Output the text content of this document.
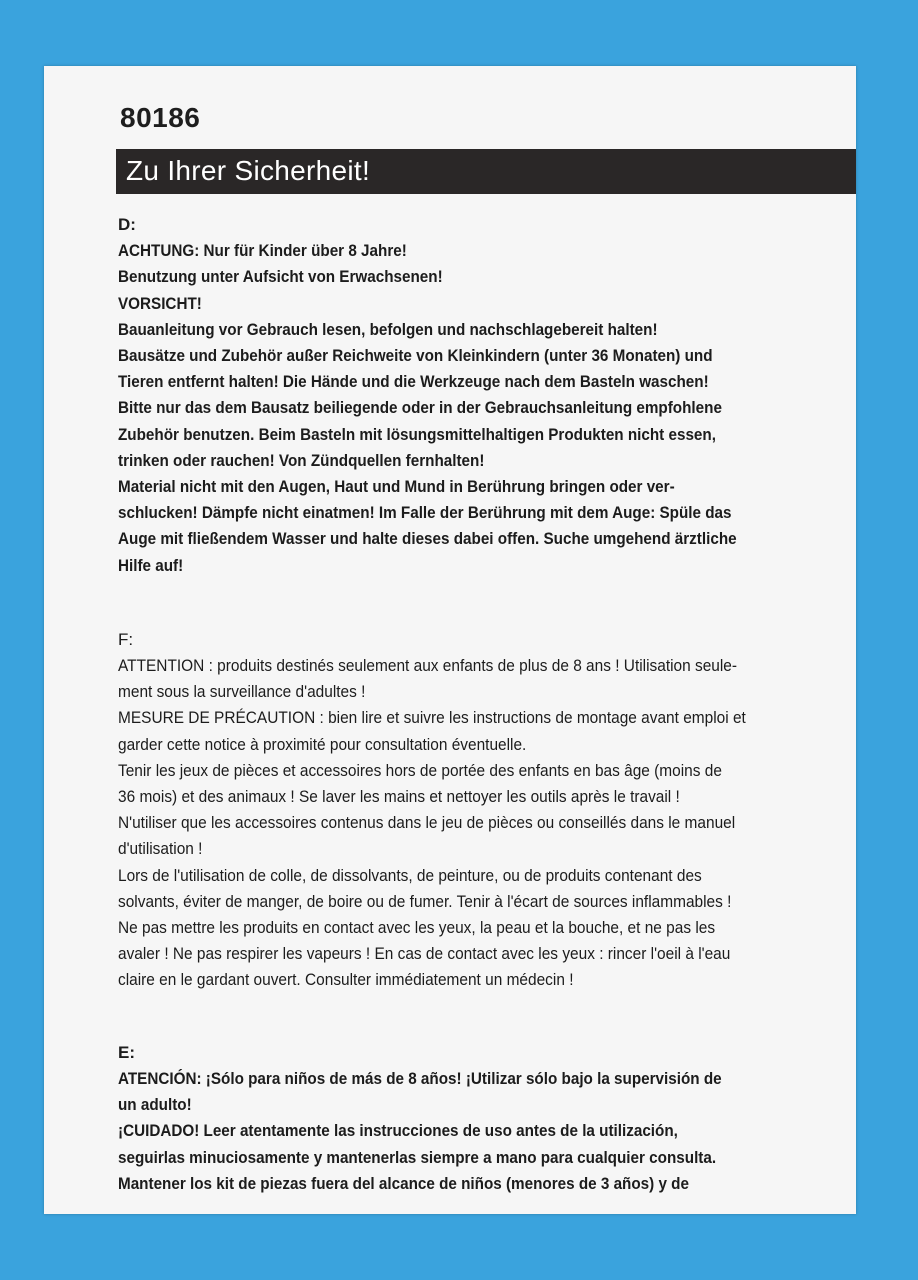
80186
Zu Ihrer Sicherheit!
D:
ACHTUNG: Nur für Kinder über 8 Jahre!
Benutzung unter Aufsicht von Erwachsenen!
VORSICHT!
Bauanleitung vor Gebrauch lesen, befolgen und nachschlagebereit halten!
Bausätze und Zubehör außer Reichweite von Kleinkindern (unter 36 Monaten) und
Tieren entfernt halten! Die Hände und die Werkzeuge nach dem Basteln waschen!
Bitte nur das dem Bausatz beiliegende oder in der Gebrauchsanleitung empfohlene
Zubehör benutzen. Beim Basteln mit lösungsmittelhaltigen Produkten nicht essen,
trinken oder rauchen! Von Zündquellen fernhalten!
Material nicht mit den Augen, Haut und Mund in Berührung bringen oder ver-
schlucken! Dämpfe nicht einatmen! Im Falle der Berührung mit dem Auge: Spüle das
Auge mit fließendem Wasser und halte dieses dabei offen. Suche umgehend ärztliche
Hilfe auf!
F:
ATTENTION : produits destinés seulement aux enfants de plus de 8 ans ! Utilisation seule-
ment sous la surveillance d'adultes !
MESURE DE PRÉCAUTION : bien lire et suivre les instructions de montage avant emploi et
garder cette notice à proximité pour consultation éventuelle.
Tenir les jeux de pièces et accessoires hors de portée des enfants en bas âge (moins de
36 mois) et des animaux ! Se laver les mains et nettoyer les outils après le travail !
N'utiliser que les accessoires contenus dans le jeu de pièces ou conseillés dans le manuel
d'utilisation !
Lors de l'utilisation de colle, de dissolvants, de peinture, ou de produits contenant des
solvants, éviter de manger, de boire ou de fumer. Tenir à l'écart de sources inflammables !
Ne pas mettre les produits en contact avec les yeux, la peau et la bouche, et ne pas les
avaler ! Ne pas respirer les vapeurs ! En cas de contact avec les yeux : rincer l'oeil à l'eau
claire en le gardant ouvert. Consulter immédiatement un médecin !
E:
ATENCIÓN: ¡Sólo para niños de más de 8 años! ¡Utilizar sólo bajo la supervisión de
un adulto!
¡CUIDADO! Leer atentamente las instrucciones de uso antes de la utilización,
seguirlas minuciosamente y mantenerlas siempre a mano para cualquier consulta.
Mantener los kit de piezas fuera del alcance de niños (menores de 3 años) y de
